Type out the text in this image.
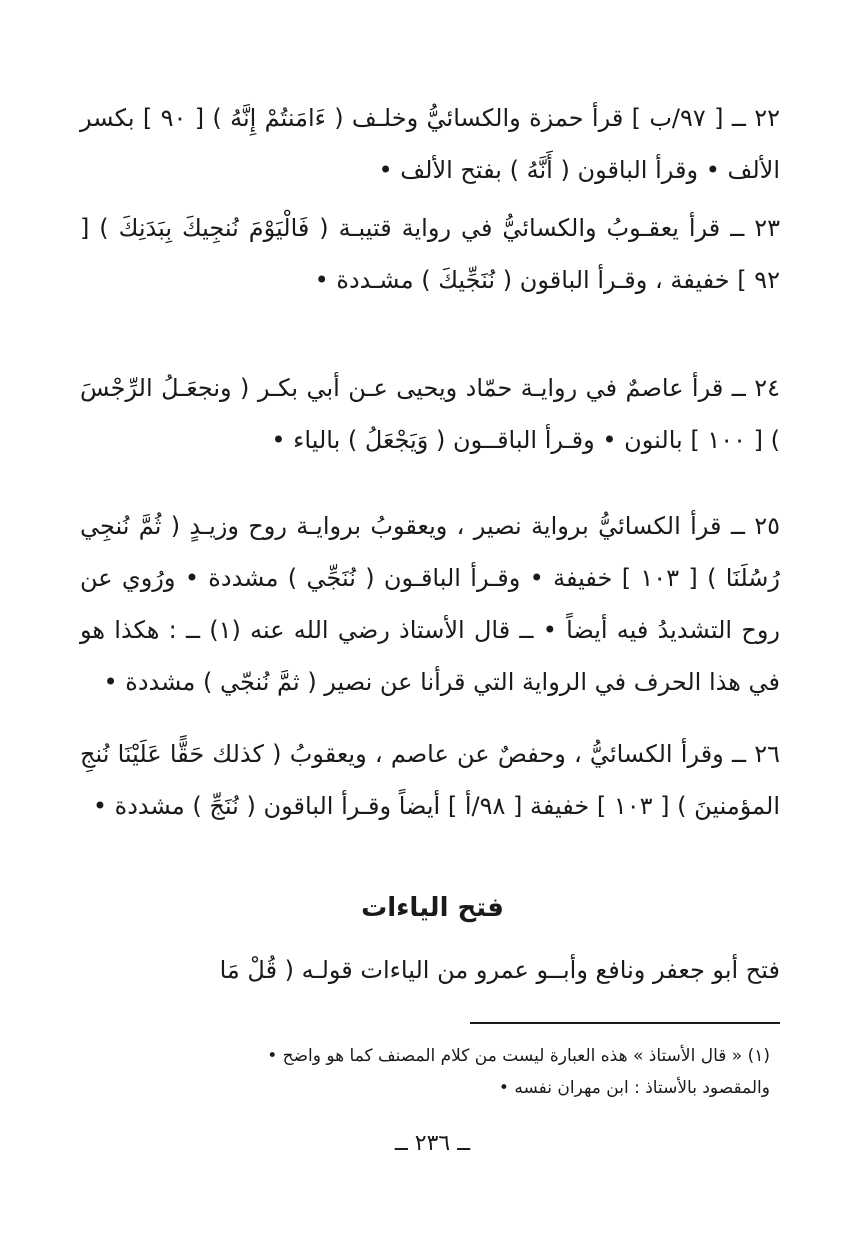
٢٢ ــ [ ٩٧/ب ] قرأ حمزة والكسائيُّ وخلـف ( ءَامَنتُمْ إِنَّهُ ) [ ٩٠ ] بكسر الألف • وقرأ الباقون ( أَنَّهُ ) بفتح الألف •

٢٣ ــ قرأ يعقـوبُ والكسائيُّ في رواية قتيبـة ( فَالْيَوْمَ نُنجِيكَ بِبَدَنِكَ ) [ ٩٢ ] خفيفة ، وقـرأ الباقون ( نُنَجِّيكَ ) مشـددة •

٢٤ ــ قرأ عاصمٌ في روايـة حمّاد ويحيى عـن أبي بكـر ( ونجعَـلُ الرِّجْسَ ) [ ١٠٠ ] بالنون • وقـرأ الباقــون ( وَيَجْعَلُ ) بالياء •

٢٥ ــ قرأ الكسائيُّ برواية نصير ، ويعقوبُ بروايـة روح وزيـدٍ ( ثُمَّ نُنجِي رُسُلَنَا ) [ ١٠٣ ] خفيفة • وقـرأ الباقـون ( نُنَجِّي ) مشددة • ورُوي عن روح التشديدُ فيه أيضاً • ــ قال الأستاذ رضي الله عنه (١) ــ : هكذا هو في هذا الحرف في الرواية التي قرأنا عن نصير ( ثمَّ نُنجّي ) مشددة •

٢٦ ــ وقرأ الكسائيُّ ، وحفصٌ عن عاصم ، ويعقوبُ ( كذلك حَقًّا عَلَيْنَا نُنجِ المؤمنينَ ) [ ١٠٣ ] خفيفة [ ٩٨/أ ] أيضاً وقـرأ الباقون ( نُنَجِّ ) مشددة •

فتح الياءات

فتح أبو جعفر ونافع وأبــو عمرو من الياءات قولـه ( قُلْ مَا

(١) « قال الأستاذ » هذه العبارة ليست من كلام المصنف كما هو واضح •
والمقصود بالأستاذ : ابن مهران نفسه •
ــ ٢٣٦ ــ
